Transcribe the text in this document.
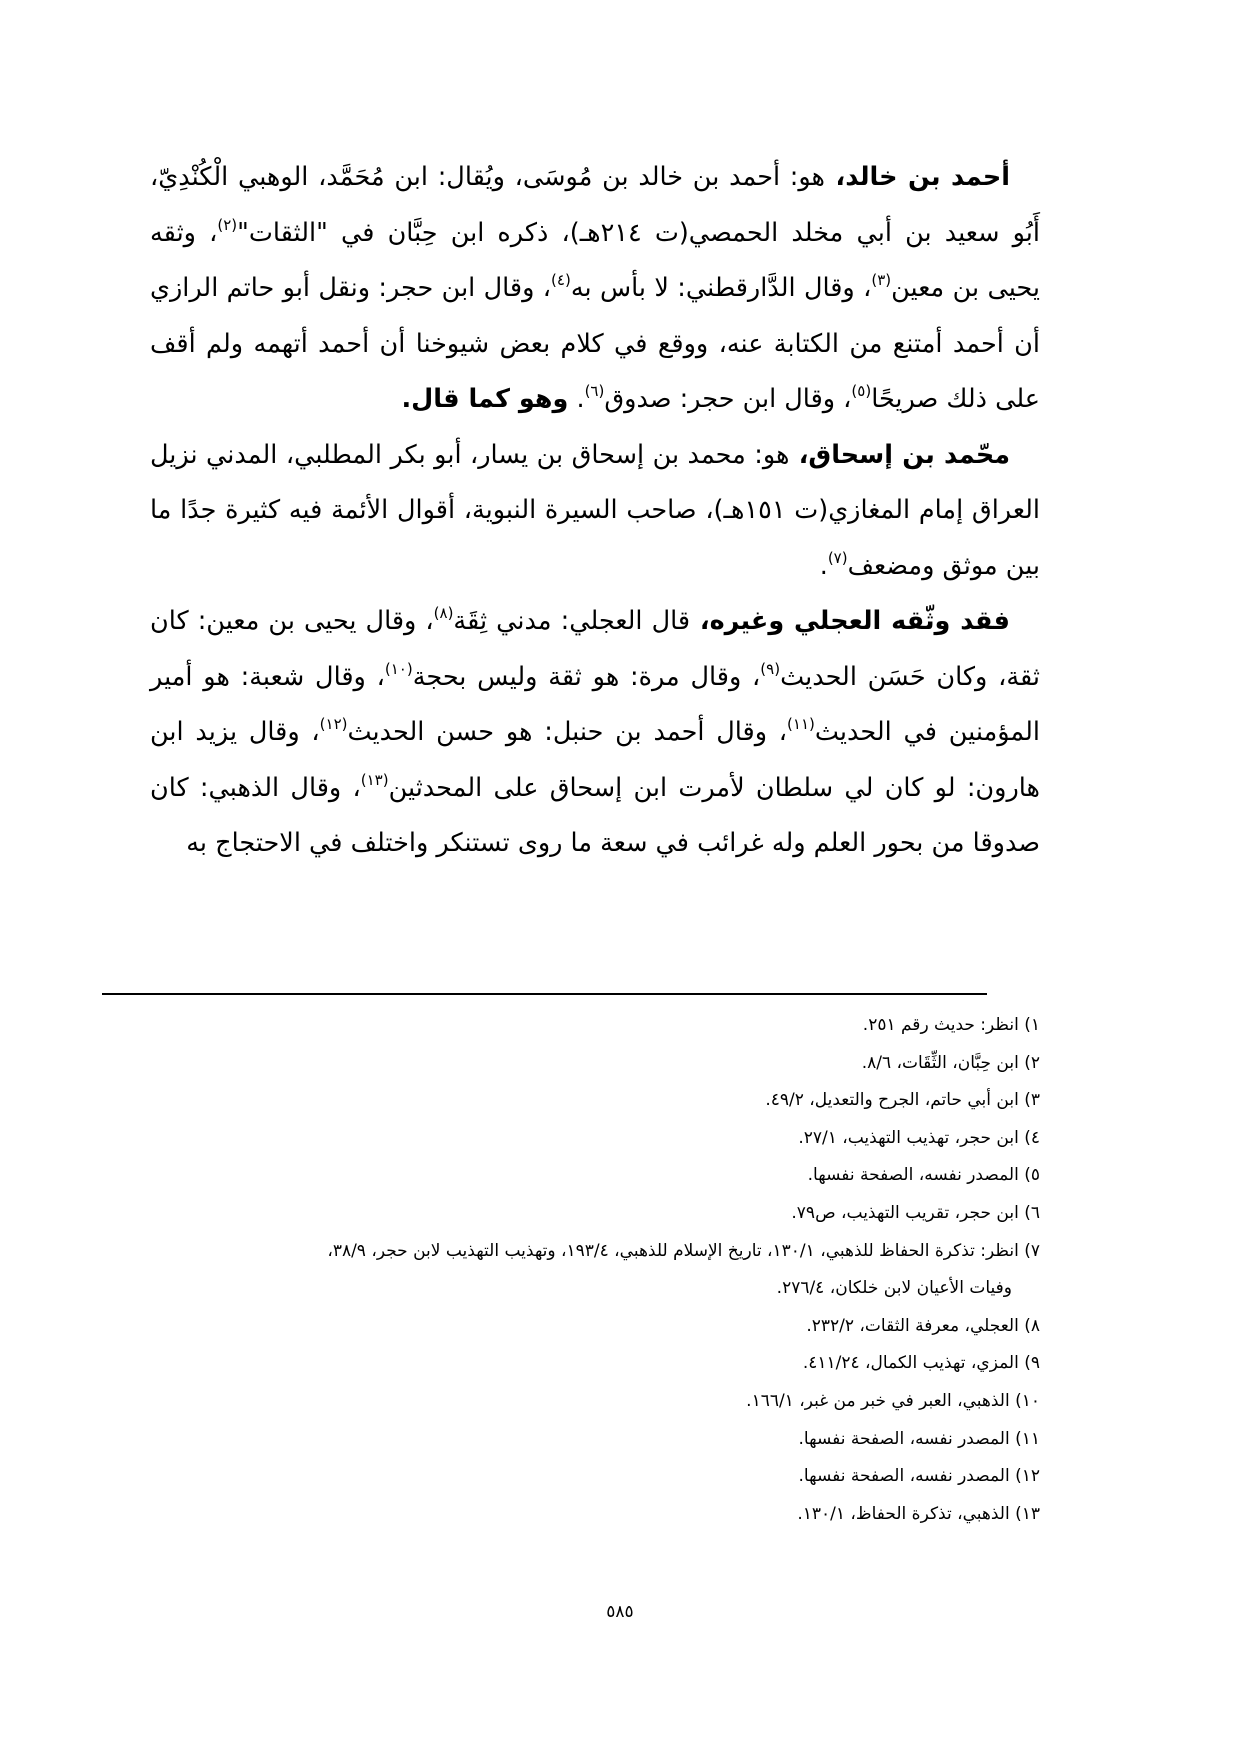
أحمد بن خالد، هو: أحمد بن خالد بن مُوسَى، ويُقال: ابن مُحَمَّد، الوهبي الْكُنْدِيّ، أَبُو سعيد بن أبي مخلد الحمصي(ت ٢١٤هـ)، ذكره ابن حِبَّان في "الثقات"$^{(٢)}$، وثقه يحيى بن معين$^{(٣)}$، وقال الدَّارقطني: لا بأس به$^{(٤)}$، وقال ابن حجر: ونقل أبو حاتم الرازي أن أحمد أمتنع من الكتابة عنه، ووقع في كلام بعض شيوخنا أن أحمد أتهمه ولم أقف على ذلك صريحًا$^{(٥)}$، وقال ابن حجر: صدوق$^{(٦)}$. وهو كما قال.

محّمد بن إسحاق، هو: محمد بن إسحاق بن يسار، أبو بكر المطلبي، المدني نزيل العراق إمام المغازي(ت ١٥١هـ)، صاحب السيرة النبوية، أقوال الأئمة فيه كثيرة جدًا ما بين موثق ومضعف$^{(٧)}$.

فقد وثّقه العجلي وغيره، قال العجلي: مدني ثِقَة$^{(٨)}$، وقال يحيى بن معين: كان ثقة، وكان حَسَن الحديث$^{(٩)}$، وقال مرة: هو ثقة وليس بحجة$^{(١٠)}$، وقال شعبة: هو أمير المؤمنين في الحديث$^{(١١)}$، وقال أحمد بن حنبل: هو حسن الحديث$^{(١٢)}$، وقال يزيد ابن هارون: لو كان لي سلطان لأمرت ابن إسحاق على المحدثين$^{(١٣)}$، وقال الذهبي: كان صدوقا من بحور العلم وله غرائب في سعة ما روى تستنكر واختلف في الاحتجاج به

١) انظر: حديث رقم ٢٥١.
٢) ابن حِبَّان، الثِّقَات، ٨/٦.
٣) ابن أبي حاتم، الجرح والتعديل، ٤٩/٢.
٤) ابن حجر، تهذيب التهذيب، ٢٧/١.
٥) المصدر نفسه، الصفحة نفسها.
٦) ابن حجر، تقريب التهذيب، ص٧٩.
٧) انظر: تذكرة الحفاظ للذهبي، ١٣٠/١، تاريخ الإسلام للذهبي، ١٩٣/٤، وتهذيب التهذيب لابن حجر، ٣٨/٩،
وفيات الأعيان لابن خلكان، ٢٧٦/٤.
٨) العجلي، معرفة الثقات، ٢٣٢/٢.
٩) المزي، تهذيب الكمال، ٤١١/٢٤.
١٠) الذهبي، العبر في خبر من غبر، ١٦٦/١.
١١) المصدر نفسه، الصفحة نفسها.
١٢) المصدر نفسه، الصفحة نفسها.
١٣) الذهبي، تذكرة الحفاظ، ١٣٠/١.
٥٨٥
